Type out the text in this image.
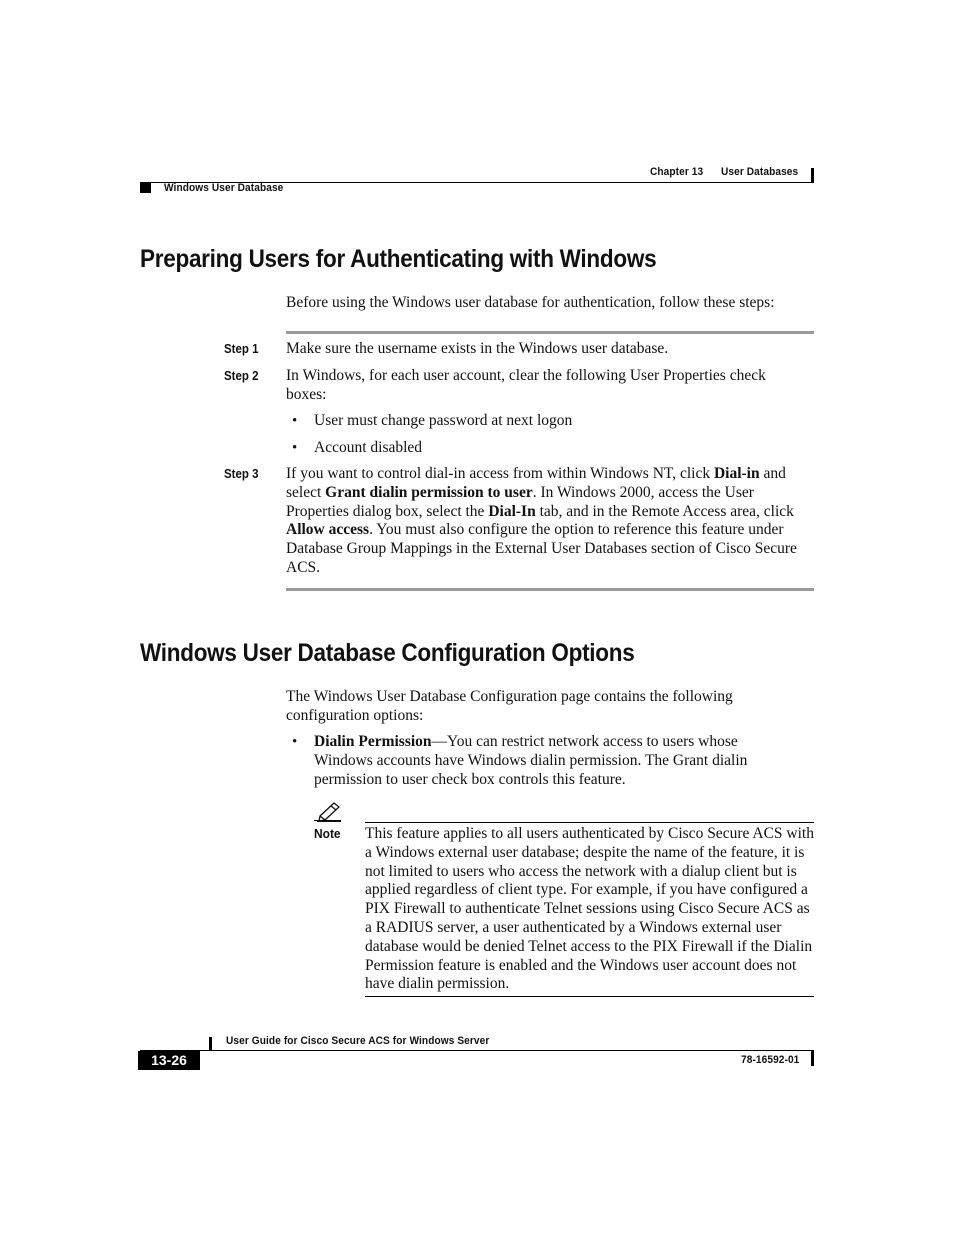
Chapter 13 User Databases
Windows User Database
Preparing Users for Authenticating with Windows
Before using the Windows user database for authentication, follow these steps:
Step 1 Make sure the username exists in the Windows user database.
Step 2 In Windows, for each user account, clear the following User Properties check boxes:
• User must change password at next logon
• Account disabled
Step 3 If you want to control dial-in access from within Windows NT, click Dial-in and select Grant dialin permission to user. In Windows 2000, access the User Properties dialog box, select the Dial-In tab, and in the Remote Access area, click Allow access. You must also configure the option to reference this feature under Database Group Mappings in the External User Databases section of Cisco Secure ACS.
Windows User Database Configuration Options
The Windows User Database Configuration page contains the following configuration options:
• Dialin Permission—You can restrict network access to users whose Windows accounts have Windows dialin permission. The Grant dialin permission to user check box controls this feature.
Note This feature applies to all users authenticated by Cisco Secure ACS with a Windows external user database; despite the name of the feature, it is not limited to users who access the network with a dialup client but is applied regardless of client type. For example, if you have configured a PIX Firewall to authenticate Telnet sessions using Cisco Secure ACS as a RADIUS server, a user authenticated by a Windows external user database would be denied Telnet access to the PIX Firewall if the Dialin Permission feature is enabled and the Windows user account does not have dialin permission.
User Guide for Cisco Secure ACS for Windows Server
13-26	78-16592-01
